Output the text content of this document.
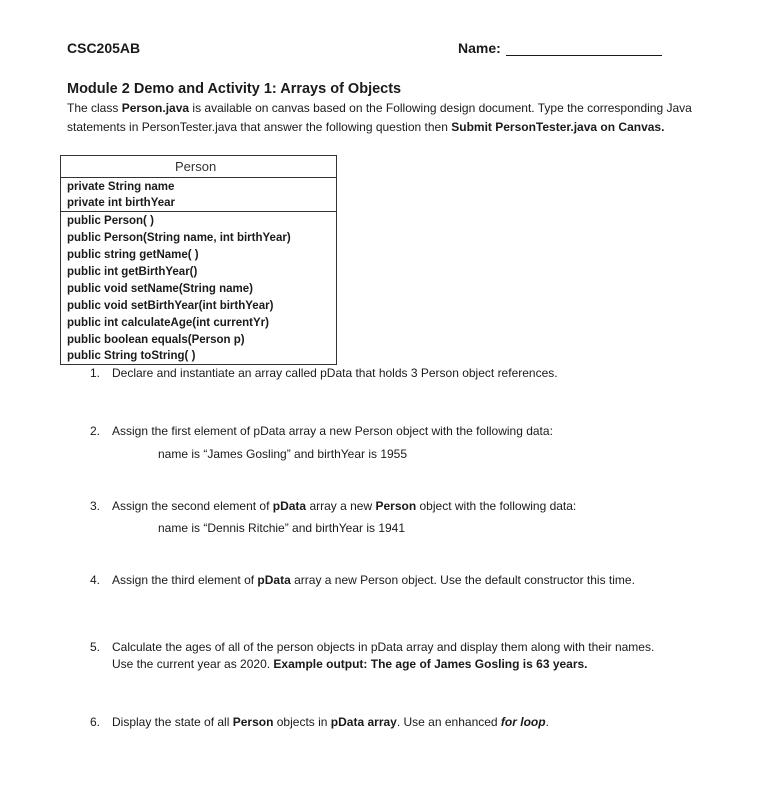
CSC205AB	Name:
Module 2 Demo and Activity 1: Arrays of Objects
The class Person.java is available on canvas based on the Following design document. Type the corresponding Java statements in PersonTester.java that answer the following question then Submit PersonTester.java on Canvas.
Person
private String name
private int birthYear
public Person( )
public Person(String name, int birthYear)
public string getName( )
public int getBirthYear()
public void setName(String name)
public void setBirthYear(int birthYear)
public int calculateAge(int currentYr)
public boolean equals(Person p)
public String toString( )
1. Declare and instantiate an array called pData that holds 3 Person object references.
2. Assign the first element of pData array a new Person object with the following data:
name is “James Gosling” and birthYear is 1955
3. Assign the second element of pData array a new Person object with the following data:
name is “Dennis Ritchie” and birthYear is 1941
4. Assign the third element of pData array a new Person object. Use the default constructor this time.
5. Calculate the ages of all of the person objects in pData array and display them along with their names.
Use the current year as 2020. Example output: The age of James Gosling is 63 years.
6. Display the state of all Person objects in pData array. Use an enhanced for loop.
